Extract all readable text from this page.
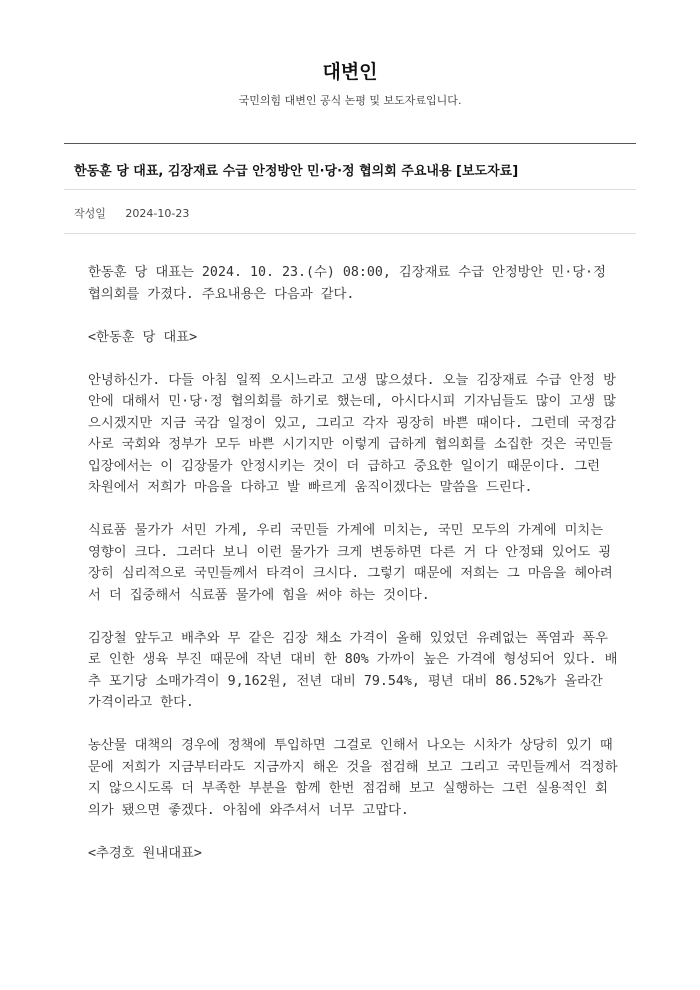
대변인
국민의힘 대변인 공식 논평 및 보도자료입니다.
한동훈 당 대표, 김장재료 수급 안정방안 민·당·정 협의회 주요내용 [보도자료]
작성일 2024-10-23

한동훈 당 대표는 2024. 10. 23.(수) 08:00, 김장재료 수급 안정방안 민·당·정 협의회를 가졌다. 주요내용은 다음과 같다.

<한동훈 당 대표>

안녕하신가. 다들 아침 일찍 오시느라고 고생 많으셨다. 오늘 김장재료 수급 안정 방안에 대해서 민·당·정 협의회를 하기로 했는데, 아시다시피 기자님들도 많이 고생 많으시겠지만 지금 국감 일정이 있고, 그리고 각자 굉장히 바쁜 때이다. 그런데 국정감사로 국회와 정부가 모두 바쁜 시기지만 이렇게 급하게 협의회를 소집한 것은 국민들 입장에서는 이 김장물가 안정시키는 것이 더 급하고 중요한 일이기 때문이다. 그런 차원에서 저희가 마음을 다하고 발 빠르게 움직이겠다는 말씀을 드린다.

식료품 물가가 서민 가계, 우리 국민들 가계에 미치는, 국민 모두의 가계에 미치는 영향이 크다. 그러다 보니 이런 물가가 크게 변동하면 다른 거 다 안정돼 있어도 굉장히 심리적으로 국민들께서 타격이 크시다. 그렇기 때문에 저희는 그 마음을 헤아려서 더 집중해서 식료품 물가에 힘을 써야 하는 것이다.

김장철 앞두고 배추와 무 같은 김장 채소 가격이 올해 있었던 유례없는 폭염과 폭우로 인한 생육 부진 때문에 작년 대비 한 80% 가까이 높은 가격에 형성되어 있다. 배추 포기당 소매가격이 9,162원, 전년 대비 79.54%, 평년 대비 86.52%가 올라간 가격이라고 한다.

농산물 대책의 경우에 정책에 투입하면 그걸로 인해서 나오는 시차가 상당히 있기 때문에 저희가 지금부터라도 지금까지 해온 것을 점검해 보고 그리고 국민들께서 걱정하지 않으시도록 더 부족한 부분을 함께 한번 점검해 보고 실행하는 그런 실용적인 회의가 됐으면 좋겠다. 아침에 와주셔서 너무 고맙다.

<추경호 원내대표>
